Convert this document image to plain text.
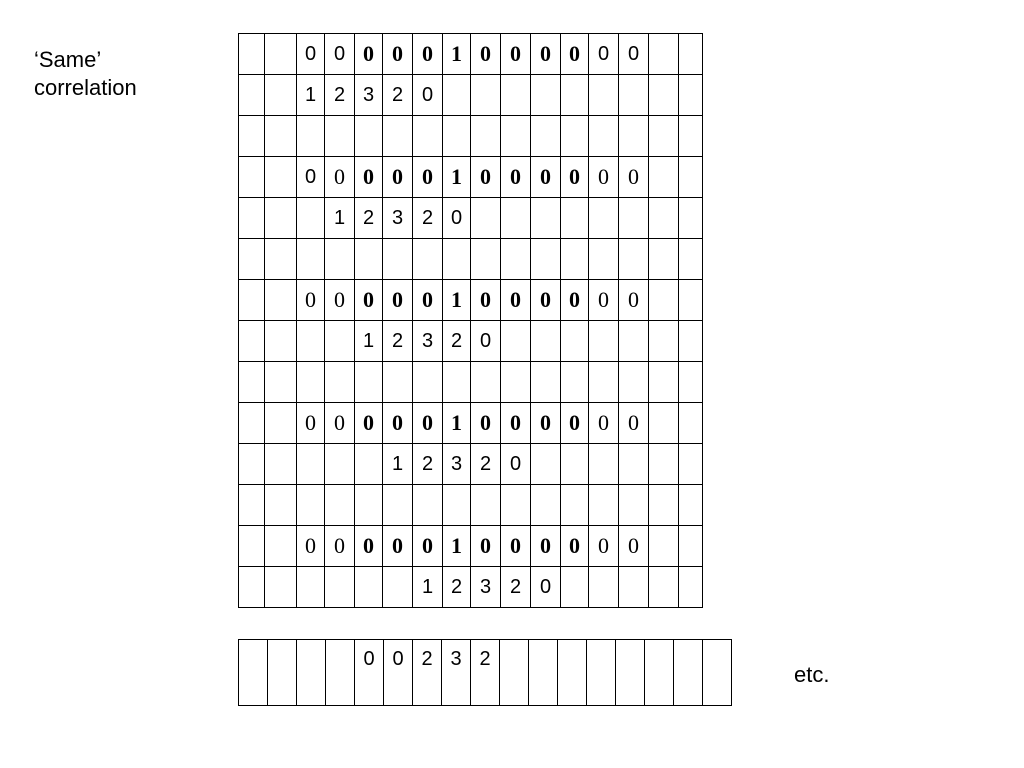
‘Same’
correlation
		0	0	0	0	0	1	0	0	0	0	0	0		
		1	2	3	2	0									

		0	0	0	0	0	1	0	0	0	0	0	0		
			1	2	3	2	0								

		0	0	0	0	0	1	0	0	0	0	0	0		
				1	2	3	2	0							

		0	0	0	0	0	1	0	0	0	0	0	0		
					1	2	3	2	0						

		0	0	0	0	0	1	0	0	0	0	0	0		
						1	2	3	2	0					
				0	0	2	3	2								
etc.
